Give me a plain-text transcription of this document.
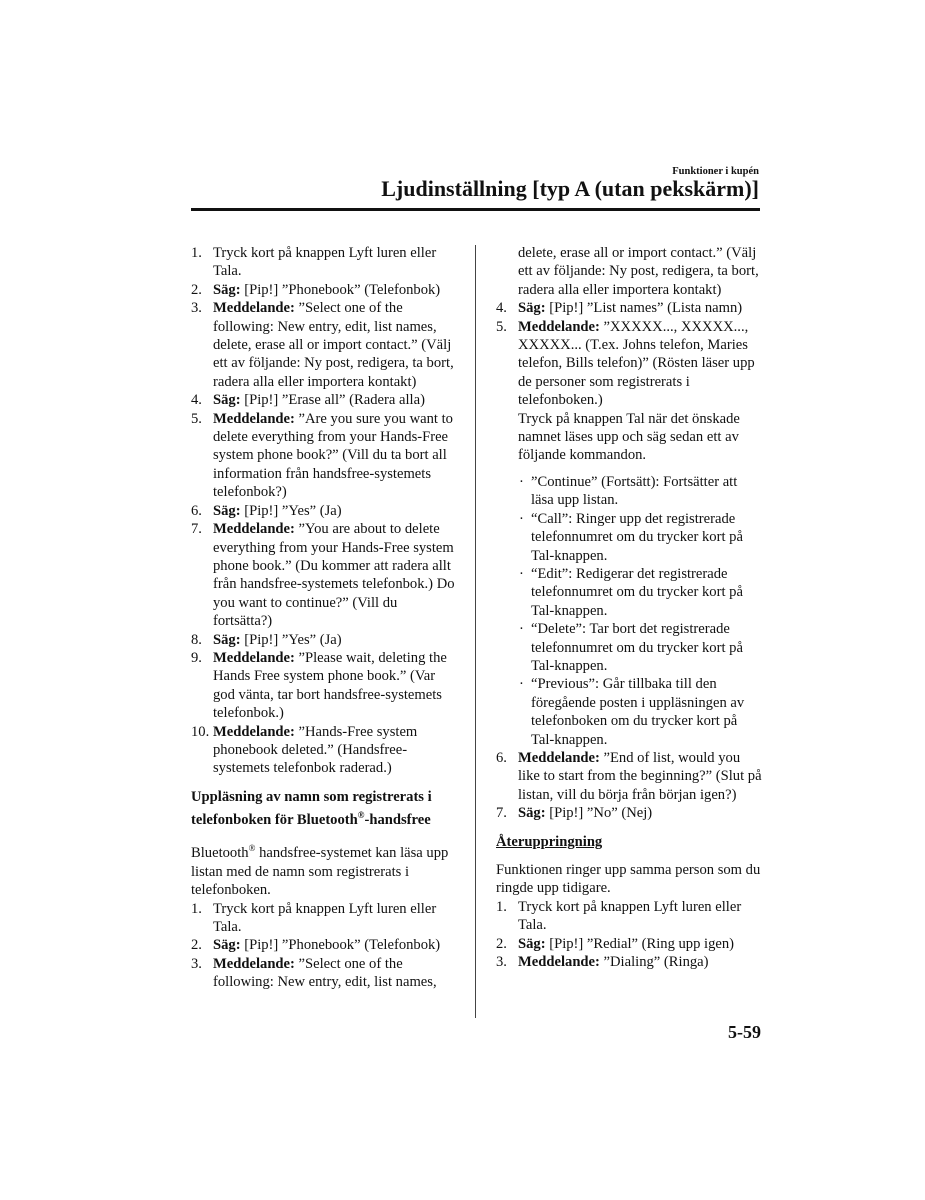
Funktioner i kupén
Ljudinställning [typ A (utan pekskärm)]
1. Tryck kort på knappen Lyft luren eller Tala.
2. Säg: [Pip!] ”Phonebook” (Telefonbok)
3. Meddelande: ”Select one of the following: New entry, edit, list names, delete, erase all or import contact.” (Välj ett av följande: Ny post, redigera, ta bort, radera alla eller importera kontakt)
4. Säg: [Pip!] ”Erase all” (Radera alla)
5. Meddelande: ”Are you sure you want to delete everything from your Hands-Free system phone book?” (Vill du ta bort all information från handsfree-systemets telefonbok?)
6. Säg: [Pip!] ”Yes” (Ja)
7. Meddelande: ”You are about to delete everything from your Hands-Free system phone book.” (Du kommer att radera allt från handsfree-systemets telefonbok.) Do you want to continue?” (Vill du fortsätta?)
8. Säg: [Pip!] ”Yes” (Ja)
9. Meddelande: ”Please wait, deleting the Hands Free system phone book.” (Var god vänta, tar bort handsfree-systemets telefonbok.)
10. Meddelande: ”Hands-Free system phonebook deleted.” (Handsfree-systemets telefonbok raderad.)
Uppläsning av namn som registrerats i telefonboken för Bluetooth®-handsfree
Bluetooth® handsfree-systemet kan läsa upp listan med de namn som registrerats i telefonboken.
1. Tryck kort på knappen Lyft luren eller Tala.
2. Säg: [Pip!] ”Phonebook” (Telefonbok)
3. Meddelande: ”Select one of the following: New entry, edit, list names,
delete, erase all or import contact.” (Välj ett av följande: Ny post, redigera, ta bort, radera alla eller importera kontakt)
4. Säg: [Pip!] ”List names” (Lista namn)
5. Meddelande: ”XXXXX..., XXXXX..., XXXXX... (T.ex. Johns telefon, Maries telefon, Bills telefon)” (Rösten läser upp de personer som registrerats i telefonboken.)
Tryck på knappen Tal när det önskade namnet läses upp och säg sedan ett av följande kommandon.
· ”Continue” (Fortsätt): Fortsätter att läsa upp listan.
· “Call”: Ringer upp det registrerade telefonnumret om du trycker kort på Tal-knappen.
· “Edit”: Redigerar det registrerade telefonnumret om du trycker kort på Tal-knappen.
· “Delete”: Tar bort det registrerade telefonnumret om du trycker kort på Tal-knappen.
· “Previous”: Går tillbaka till den föregående posten i uppläsningen av telefonboken om du trycker kort på Tal-knappen.
6. Meddelande: ”End of list, would you like to start from the beginning?” (Slut på listan, vill du börja från början igen?)
7. Säg: [Pip!] ”No” (Nej)
Återuppringning
Funktionen ringer upp samma person som du ringde upp tidigare.
1. Tryck kort på knappen Lyft luren eller Tala.
2. Säg: [Pip!] ”Redial” (Ring upp igen)
3. Meddelande: ”Dialing” (Ringa)
5-59
